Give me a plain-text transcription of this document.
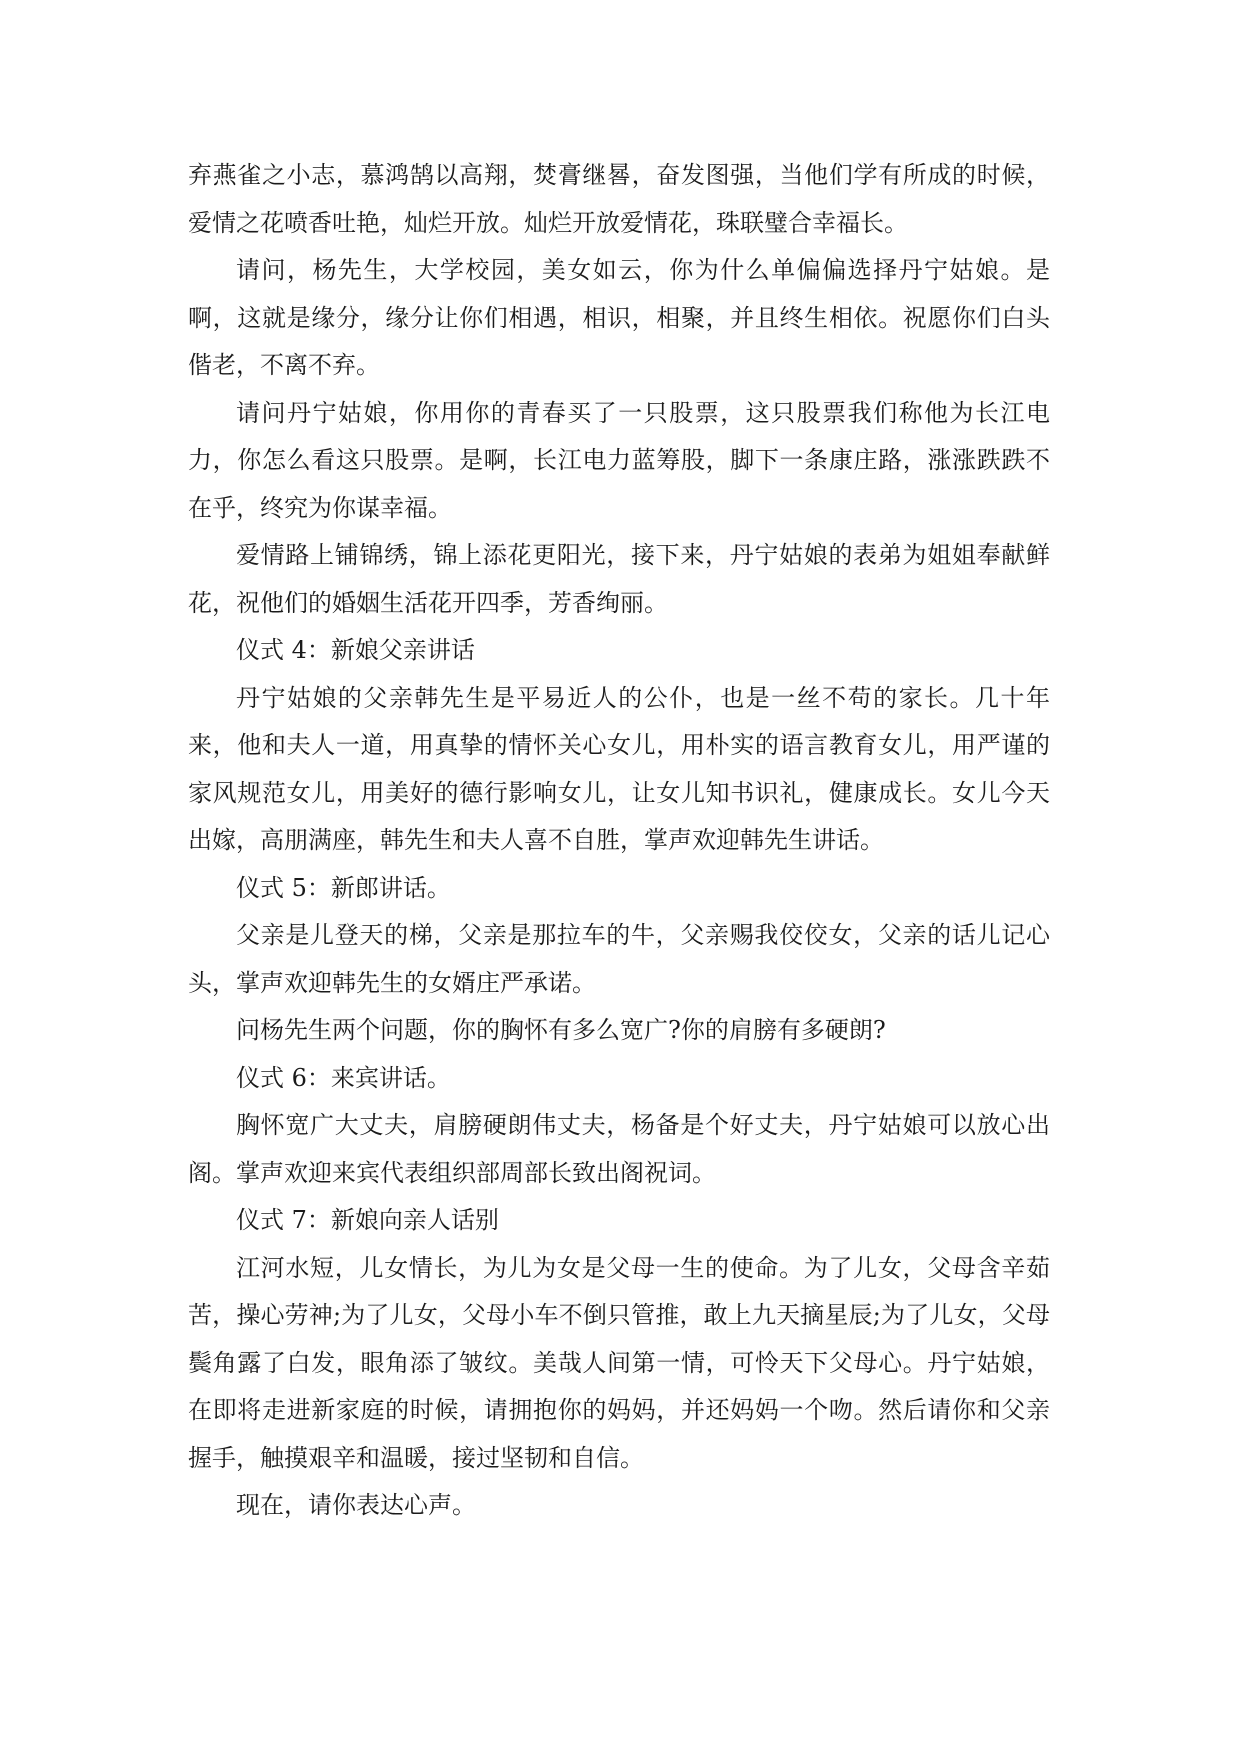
弃燕雀之小志，慕鸿鹄以高翔，焚膏继晷，奋发图强，当他们学有所成的时候，爱情之花喷香吐艳，灿烂开放。灿烂开放爱情花，珠联璧合幸福长。

请问，杨先生，大学校园，美女如云，你为什么单偏偏选择丹宁姑娘。是啊，这就是缘分，缘分让你们相遇，相识，相聚，并且终生相依。祝愿你们白头偕老，不离不弃。

请问丹宁姑娘，你用你的青春买了一只股票，这只股票我们称他为长江电力，你怎么看这只股票。是啊，长江电力蓝筹股，脚下一条康庄路，涨涨跌跌不在乎，终究为你谋幸福。

爱情路上铺锦绣，锦上添花更阳光，接下来，丹宁姑娘的表弟为姐姐奉献鲜花，祝他们的婚姻生活花开四季，芳香绚丽。

仪式 4：新娘父亲讲话

丹宁姑娘的父亲韩先生是平易近人的公仆，也是一丝不苟的家长。几十年来，他和夫人一道，用真挚的情怀关心女儿，用朴实的语言教育女儿，用严谨的家风规范女儿，用美好的德行影响女儿，让女儿知书识礼，健康成长。女儿今天出嫁，高朋满座，韩先生和夫人喜不自胜，掌声欢迎韩先生讲话。

仪式 5：新郎讲话。

父亲是儿登天的梯，父亲是那拉车的牛，父亲赐我佼佼女，父亲的话儿记心头，掌声欢迎韩先生的女婿庄严承诺。

问杨先生两个问题，你的胸怀有多么宽广?你的肩膀有多硬朗?

仪式 6：来宾讲话。

胸怀宽广大丈夫，肩膀硬朗伟丈夫，杨备是个好丈夫，丹宁姑娘可以放心出阁。掌声欢迎来宾代表组织部周部长致出阁祝词。

仪式 7：新娘向亲人话别

江河水短，儿女情长，为儿为女是父母一生的使命。为了儿女，父母含辛茹苦，操心劳神;为了儿女，父母小车不倒只管推，敢上九天摘星辰;为了儿女，父母鬓角露了白发，眼角添了皱纹。美哉人间第一情，可怜天下父母心。丹宁姑娘，在即将走进新家庭的时候，请拥抱你的妈妈，并还妈妈一个吻。然后请你和父亲握手，触摸艰辛和温暖，接过坚韧和自信。

现在，请你表达心声。
